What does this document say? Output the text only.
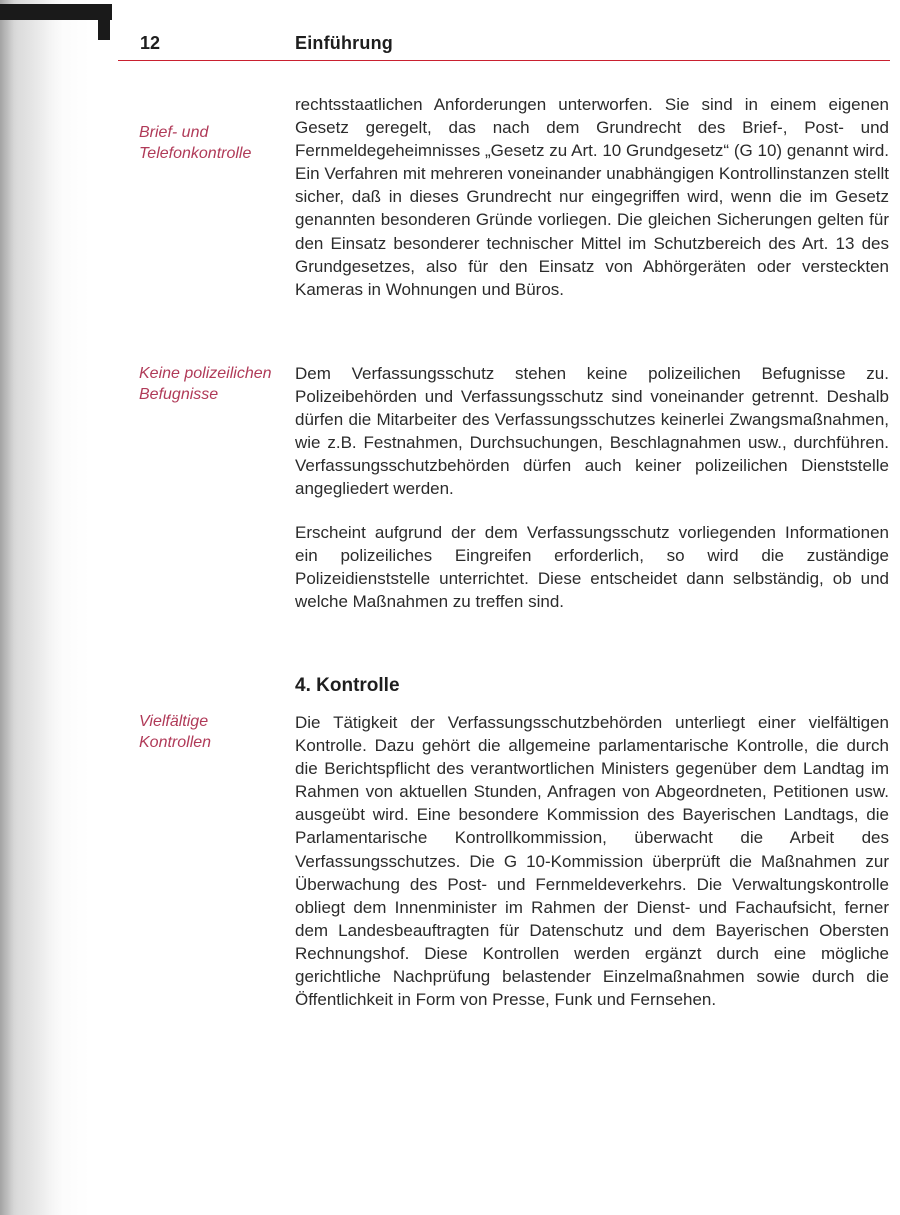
12	Einführung
Brief- und Telefonkontrolle
Keine polizeilichen Befugnisse
Vielfältige Kontrollen

rechtsstaatlichen Anforderungen unterworfen. Sie sind in einem eigenen Gesetz geregelt, das nach dem Grundrecht des Brief-, Post- und Fernmeldegeheimnisses „Gesetz zu Art. 10 Grundgesetz“ (G 10) genannt wird. Ein Verfahren mit mehreren voneinander unabhängigen Kontrollinstanzen stellt sicher, daß in dieses Grundrecht nur eingegriffen wird, wenn die im Gesetz genannten besonderen Gründe vorliegen. Die gleichen Sicherungen gelten für den Einsatz besonderer technischer Mittel im Schutzbereich des Art. 13 des Grundgesetzes, also für den Einsatz von Abhörgeräten oder versteckten Kameras in Wohnungen und Büros.

Dem Verfassungsschutz stehen keine polizeilichen Befugnisse zu. Polizeibehörden und Verfassungsschutz sind voneinander getrennt. Deshalb dürfen die Mitarbeiter des Verfassungsschutzes keinerlei Zwangsmaßnahmen, wie z.B. Festnahmen, Durchsuchungen, Beschlagnahmen usw., durchführen. Verfassungsschutzbehörden dürfen auch keiner polizeilichen Dienststelle angegliedert werden.

Erscheint aufgrund der dem Verfassungsschutz vorliegenden Informationen ein polizeiliches Eingreifen erforderlich, so wird die zuständige Polizeidienststelle unterrichtet. Diese entscheidet dann selbständig, ob und welche Maßnahmen zu treffen sind.

4. Kontrolle

Die Tätigkeit der Verfassungsschutzbehörden unterliegt einer vielfältigen Kontrolle. Dazu gehört die allgemeine parlamentarische Kontrolle, die durch die Berichtspflicht des verantwortlichen Ministers gegenüber dem Landtag im Rahmen von aktuellen Stunden, Anfragen von Abgeordneten, Petitionen usw. ausgeübt wird. Eine besondere Kommission des Bayerischen Landtags, die Parlamentarische Kontrollkommission, überwacht die Arbeit des Verfassungsschutzes. Die G 10-Kommission überprüft die Maßnahmen zur Überwachung des Post- und Fernmeldeverkehrs. Die Verwaltungskontrolle obliegt dem Innenminister im Rahmen der Dienst- und Fachaufsicht, ferner dem Landesbeauftragten für Datenschutz und dem Bayerischen Obersten Rechnungshof. Diese Kontrollen werden ergänzt durch eine mögliche gerichtliche Nachprüfung belastender Einzelmaßnahmen sowie durch die Öffentlichkeit in Form von Presse, Funk und Fernsehen.
